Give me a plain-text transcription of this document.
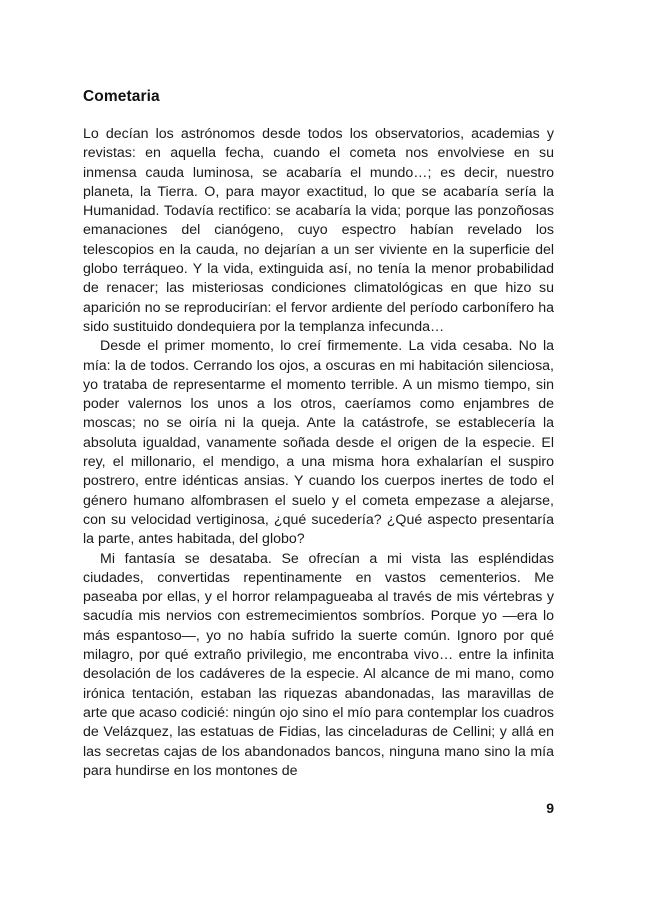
Cometaria

Lo decían los astrónomos desde todos los observatorios, academias y revistas: en aquella fecha, cuando el cometa nos envolviese en su inmensa cauda luminosa, se acabaría el mundo…; es decir, nuestro planeta, la Tierra. O, para mayor exactitud, lo que se acabaría sería la Humanidad. Todavía rectifico: se acabaría la vida; porque las ponzoñosas emanaciones del cianógeno, cuyo espectro habían revelado los telescopios en la cauda, no dejarían a un ser viviente en la superficie del globo terráqueo. Y la vida, extinguida así, no tenía la menor probabilidad de renacer; las misteriosas condiciones climatológicas en que hizo su aparición no se reproducirían: el fervor ardiente del período carbonífero ha sido sustituido dondequiera por la templanza infecunda…

Desde el primer momento, lo creí firmemente. La vida cesaba. No la mía: la de todos. Cerrando los ojos, a oscuras en mi habitación silenciosa, yo trataba de representarme el momento terrible. A un mismo tiempo, sin poder valernos los unos a los otros, caeríamos como enjambres de moscas; no se oiría ni la queja. Ante la catástrofe, se establecería la absoluta igualdad, vanamente soñada desde el origen de la especie. El rey, el millonario, el mendigo, a una misma hora exhalarían el suspiro postrero, entre idénticas ansias. Y cuando los cuerpos inertes de todo el género humano alfombrasen el suelo y el cometa empezase a alejarse, con su velocidad vertiginosa, ¿qué sucedería? ¿Qué aspecto presentaría la parte, antes habitada, del globo?

Mi fantasía se desataba. Se ofrecían a mi vista las espléndidas ciudades, convertidas repentinamente en vastos cementerios. Me paseaba por ellas, y el horror relampagueaba al través de mis vértebras y sacudía mis nervios con estremecimientos sombríos. Porque yo —era lo más espantoso—, yo no había sufrido la suerte común. Ignoro por qué milagro, por qué extraño privilegio, me encontraba vivo… entre la infinita desolación de los cadáveres de la especie. Al alcance de mi mano, como irónica tentación, estaban las riquezas abandonadas, las maravillas de arte que acaso codicié: ningún ojo sino el mío para contemplar los cuadros de Velázquez, las estatuas de Fidias, las cinceladuras de Cellini; y allá en las secretas cajas de los abandonados bancos, ninguna mano sino la mía para hundirse en los montones de

9
